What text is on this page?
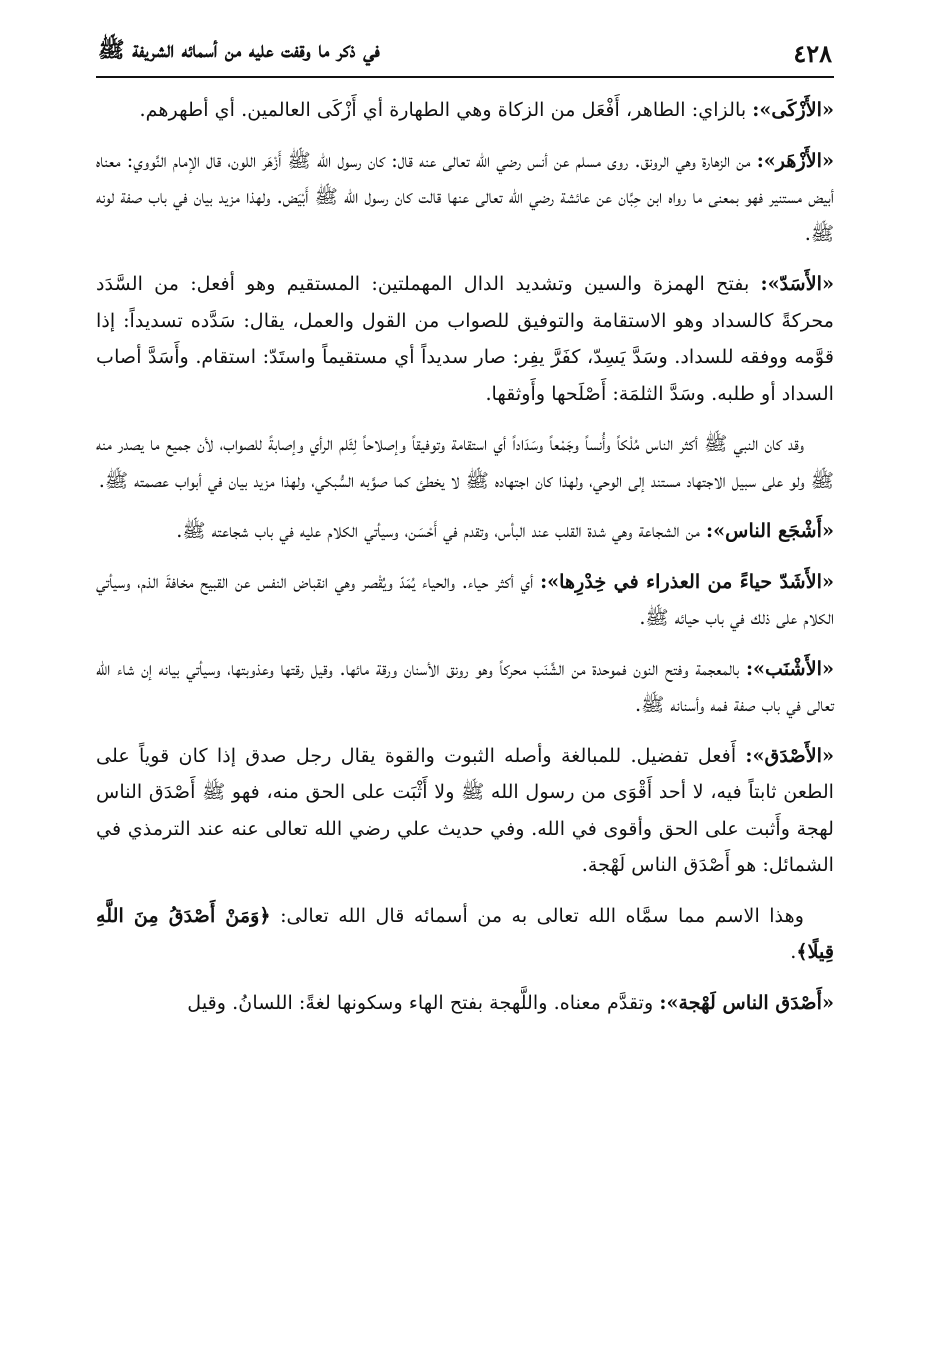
٤٢٨
في ذكر ما وقفت عليه من أسمائه الشريفة ﷺ

«الأَزْكَى»: بالزاي: الطاهر، أَفْعَل من الزكاة وهي الطهارة أي أَزْكَى العالمين. أي أطهرهم.

«الأَزْهَر»: من الزهارة وهي الرونق. روى مسلم عن أنس رضي الله تعالى عنه قال: كان رسول الله ﷺ أَزْهَر اللون، قال الإمام النَّووي: معناه أبيض مستنير فهو بمعنى ما رواه ابن حِبَّان عن عائشة رضي الله تعالى عنها قالت كان رسول الله ﷺ أَبْيَض. ولهذا مزيد بيان في باب صفة لونه ﷺ.

«الأَسَدّ»: بفتح الهمزة والسين وتشديد الدال المهملتين: المستقيم وهو أفعل: من السَّدَد محركةً كالسداد وهو الاستقامة والتوفيق للصواب من القول والعمل، يقال: سَدَّده تسديداً: إذا قوَّمه ووفقه للسداد. وسَدَّ يَسِدّ، كفَرَّ يفِر: صار سديداً أي مستقيماً واستَدّ: استقام. وأَسَدَّ أصاب السداد أو طلبه. وسَدَّ الثلمَة: أَصْلَحها وأَوثقها.

وقد كان النبي ﷺ أكثر الناس مُلْكاً وأُنساً وجَمْعاً وسَدَاداً أي استقامة وتوفيقاً وإصلاحاً لِثَلم الرأي وإصابةً للصواب، لأن جميع ما يصدر منه ﷺ ولو على سبيل الاجتهاد مستند إلى الوحي، ولهذا كان اجتهاده ﷺ لا يخطئ كما صوَّبه السُّبكي، ولهذا مزيد بيان في أبواب عصمته ﷺ.

«أَشْجَع الناس»: من الشجاعة وهي شدة القلب عند البأس، وتقدم في أَحْسَن، وسيأتي الكلام عليه في باب شجاعته ﷺ.

«الأَشَدّ حياءً من العذراء في خِدْرِها»: أي أكثر حياء. والحياء يُمَدّ ويُقْصر وهي انقباض النفس عن القبيح مخافةَ الذم، وسيأتي الكلام على ذلك في باب حيائه ﷺ.

«الأَشْنَب»: بالمعجمة وفتح النون فموحدة من الشَّنَب محركاً وهو رونق الأسنان ورقة مائها. وقيل رقتها وعذوبتها، وسيأتي بيانه إن شاء الله تعالى في باب صفة فمه وأسنانه ﷺ.

«الأَصْدَق»: أَفعل تفضيل. للمبالغة وأصله الثبوت والقوة يقال رجل صدق إذا كان قوياً على الطعن ثابتاً فيه، لا أحد أَقْوَى من رسول الله ﷺ ولا أَثْبَت على الحق منه، فهو ﷺ أَصْدَق الناس لهجة وأَثبت على الحق وأقوى في الله. وفي حديث علي رضي الله تعالى عنه عند الترمذي في الشمائل: هو أَصْدَق الناس لَهْجة.

وهذا الاسم مما سمَّاه الله تعالى به من أسمائه قال الله تعالى: ﴿وَمَنْ أَصْدَقُ مِنَ اللَّهِ قِيلًا﴾.

«أَصْدَق الناس لَهْجة»: وتقدَّم معناه. واللَّهجة بفتح الهاء وسكونها لغةً: اللسانُ. وقيل
